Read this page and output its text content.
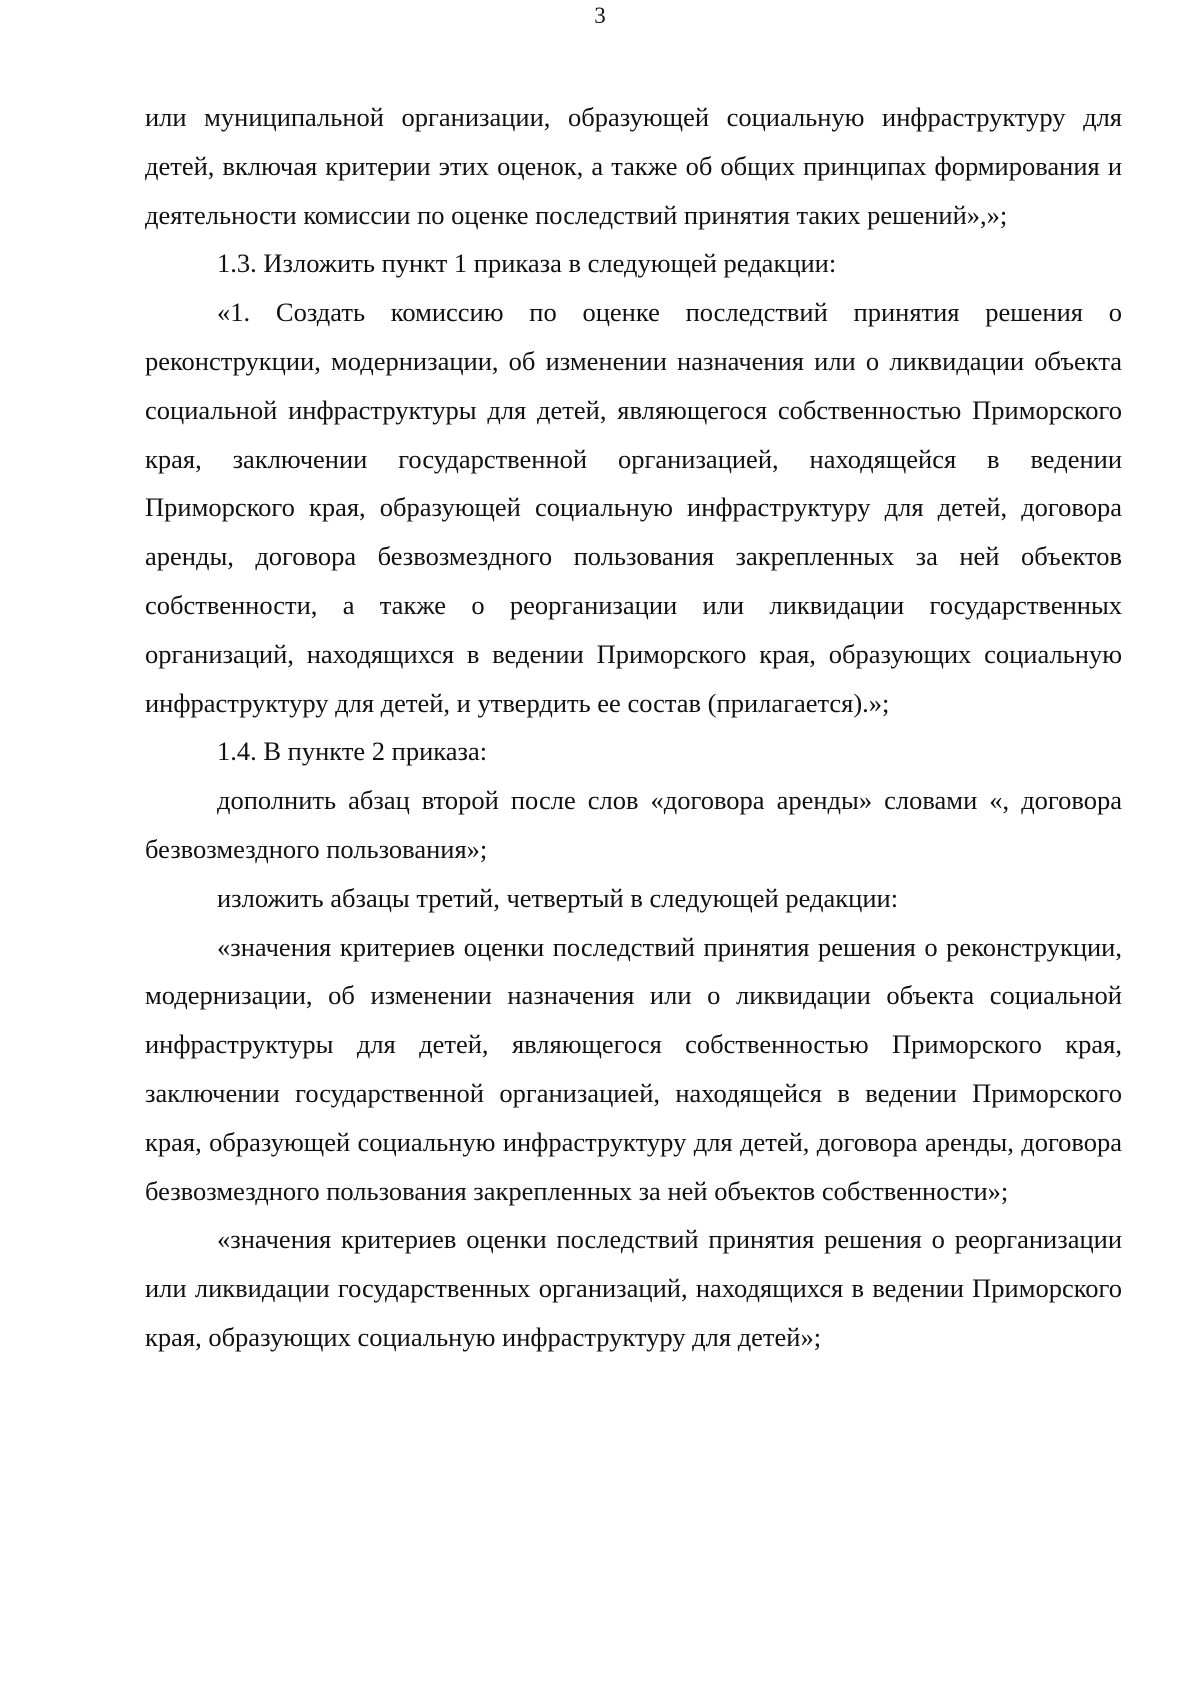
3

или муниципальной организации, образующей социальную инфраструктуру для детей, включая критерии этих оценок, а также об общих принципах формирования и деятельности комиссии по оценке последствий принятия таких решений»,»;

1.3. Изложить пункт 1 приказа в следующей редакции:

«1. Создать комиссию по оценке последствий принятия решения о реконструкции, модернизации, об изменении назначения или о ликвидации объекта социальной инфраструктуры для детей, являющегося собственностью Приморского края, заключении государственной организацией, находящейся в ведении Приморского края, образующей социальную инфраструктуру для детей, договора аренды, договора безвозмездного пользования закрепленных за ней объектов собственности, а также о реорганизации или ликвидации государственных организаций, находящихся в ведении Приморского края, образующих социальную инфраструктуру для детей, и утвердить ее состав (прилагается).»;

1.4. В пункте 2 приказа:

дополнить абзац второй после слов «договора аренды» словами «, договора безвозмездного пользования»;

изложить абзацы третий, четвертый в следующей редакции:

«значения критериев оценки последствий принятия решения о реконструкции, модернизации, об изменении назначения или о ликвидации объекта социальной инфраструктуры для детей, являющегося собственностью Приморского края, заключении государственной организацией, находящейся в ведении Приморского края, образующей социальную инфраструктуру для детей, договора аренды, договора безвозмездного пользования закрепленных за ней объектов собственности»;

«значения критериев оценки последствий принятия решения о реорганизации или ликвидации государственных организаций, находящихся в ведении Приморского края, образующих социальную инфраструктуру для детей»;
